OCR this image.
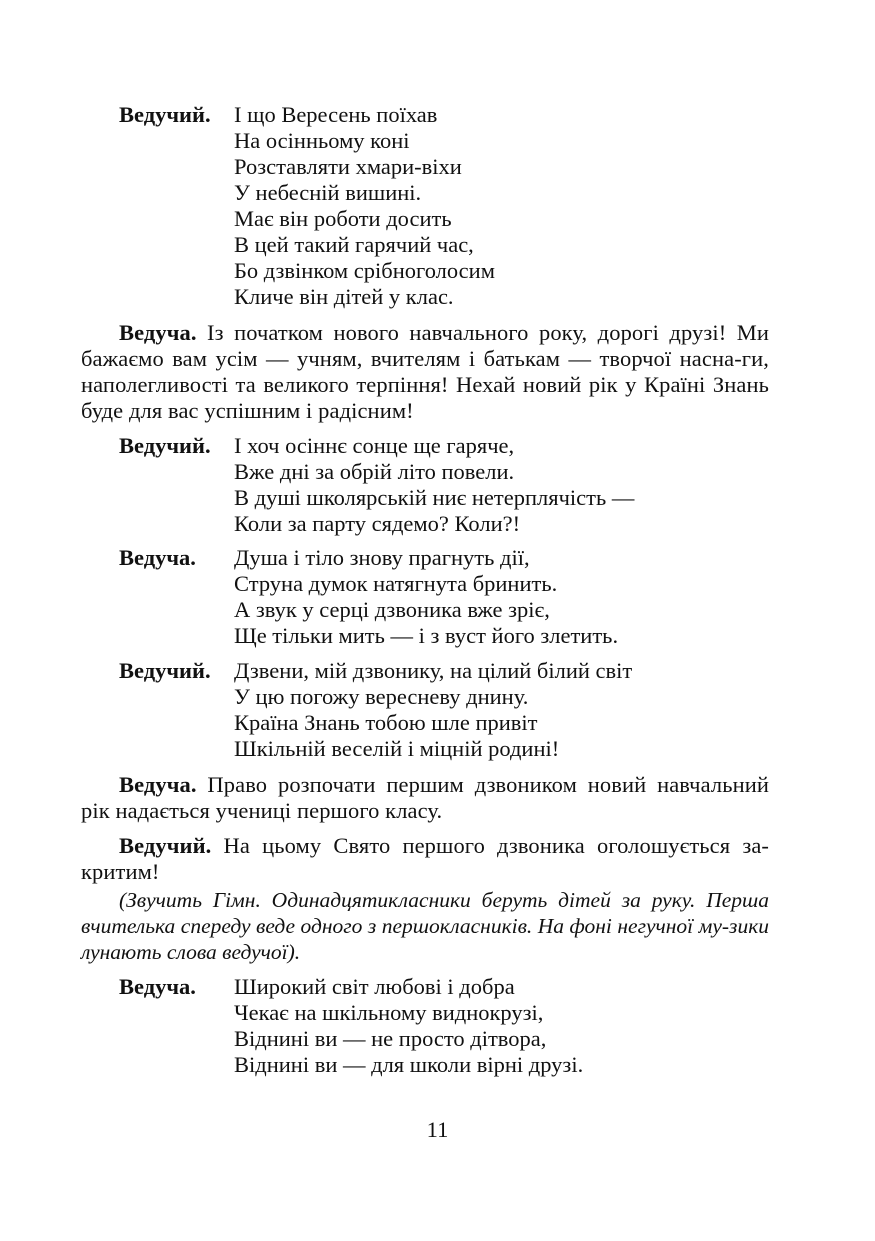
Ведучий.	І що Вересень поїхав
На осінньому коні
Розставляти хмари-віхи
У небесній вишині.
Має він роботи досить
В цей такий гарячий час,
Бо дзвінком срібноголосим
Кличе він дітей у клас.
Ведуча. Із початком нового навчального року, дорогі друзі! Ми бажаємо вам усім — учням, вчителям і батькам — творчої насна-ги, наполегливості та великого терпіння! Нехай новий рік у Країні Знань буде для вас успішним і радісним!
Ведучий.	І хоч осіннє сонце ще гаряче,
Вже дні за обрій літо повели.
В душі школярській ниє нетерплячість —
Коли за парту сядемо? Коли?!
Ведуча.	Душа і тіло знову прагнуть дії,
Струна думок натягнута бринить.
А звук у серці дзвоника вже зріє,
Ще тільки мить — і з вуст його злетить.
Ведучий.	Дзвени, мій дзвонику, на цілий білий світ
У цю погожу вересневу днину.
Країна Знань тобою шле привіт
Шкільній веселій і міцній родині!
Ведуча. Право розпочати першим дзвоником новий навчальний рік надається учениці першого класу.
Ведучий. На цьому Свято першого дзвоника оголошується за-критим!
(Звучить Гімн. Одинадцятикласники беруть дітей за руку. Перша вчителька спереду веде одного з першокласників. На фоні негучної му-зики лунають слова ведучої).
Ведуча.	Широкий світ любові і добра
Чекає на шкільному виднокрузі,
Віднині ви — не просто дітвора,
Віднині ви — для школи вірні друзі.
11
